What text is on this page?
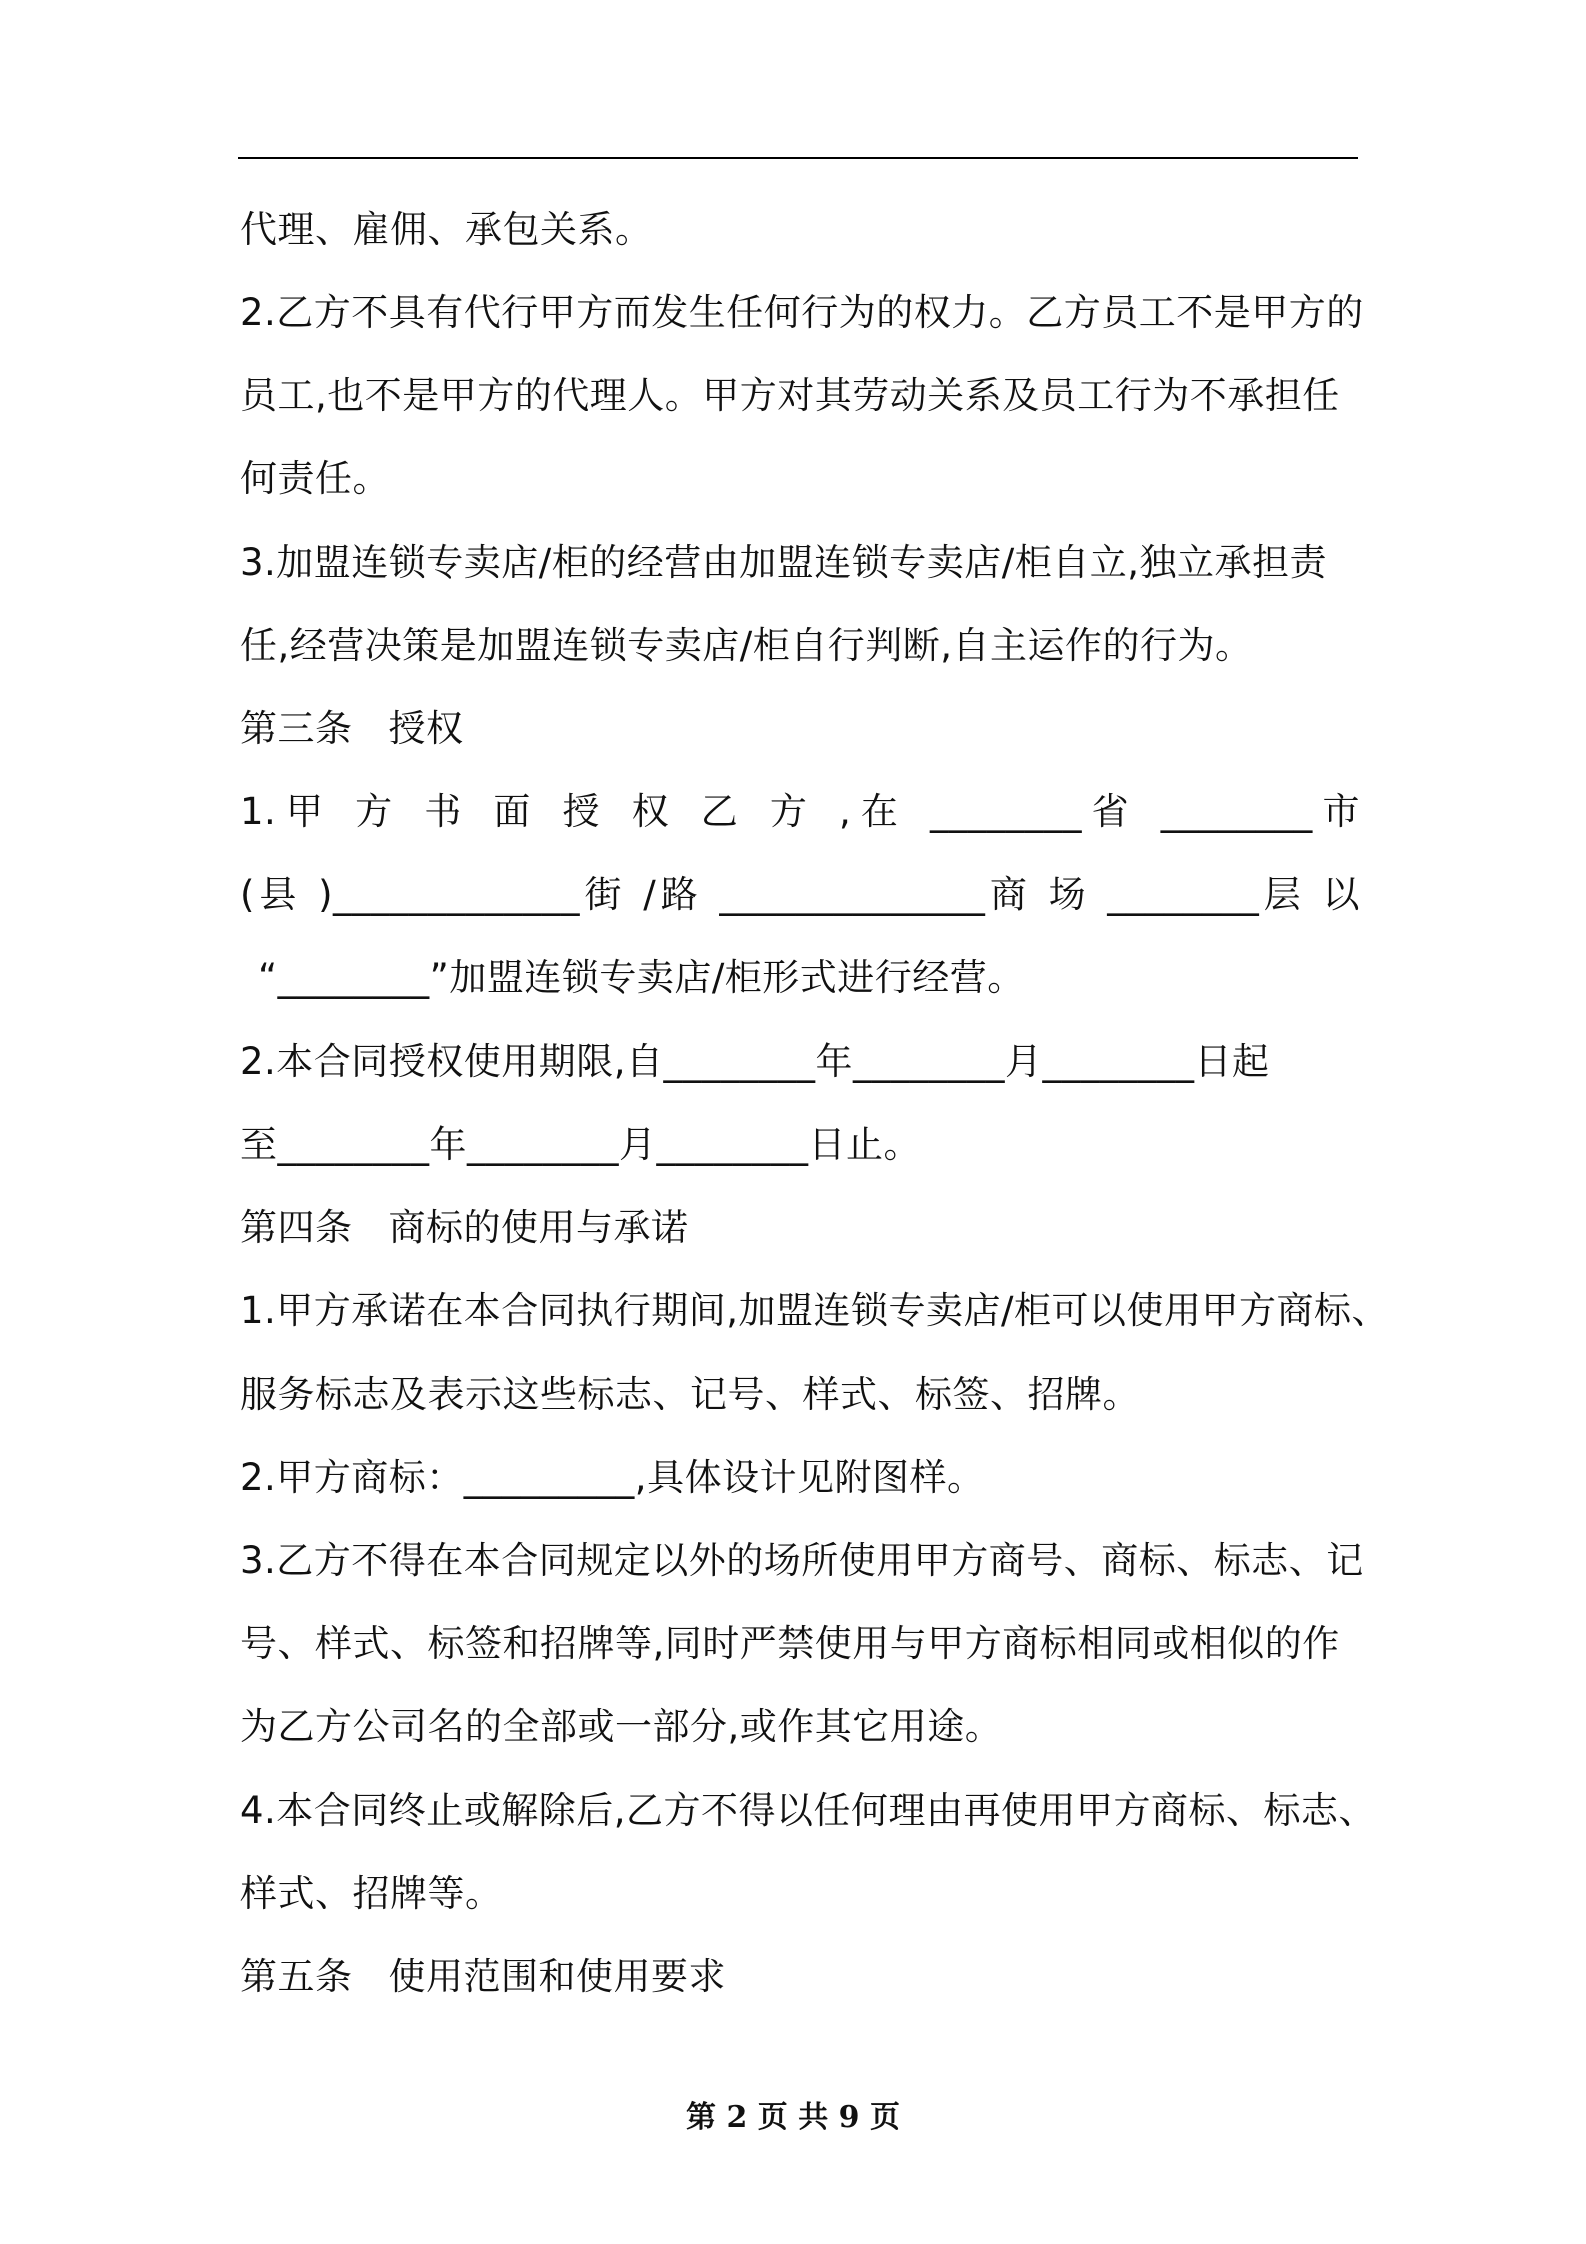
代理、雇佣、承包关系。
2.乙方不具有代行甲方而发生任何行为的权力。乙方员工不是甲方的
员工,也不是甲方的代理人。甲方对其劳动关系及员工行为不承担任
何责任。
3.加盟连锁专卖店/柜的经营由加盟连锁专卖店/柜自立,独立承担责
任,经营决策是加盟连锁专卖店/柜自行判断,自主运作的行为。
第三条 授权
1.甲 方 书 面 授 权 乙 方 ,在 ________省 ________市
(县 )_____________街 /路 ______________商 场 ________层 以
“________”加盟连锁专卖店/柜形式进行经营。
2.本合同授权使用期限,自________年________月________日起
至________年________月________日止。
第四条 商标的使用与承诺
1.甲方承诺在本合同执行期间,加盟连锁专卖店/柜可以使用甲方商标、
服务标志及表示这些标志、记号、样式、标签、招牌。
2.甲方商标：_________,具体设计见附图样。
3.乙方不得在本合同规定以外的场所使用甲方商号、商标、标志、记
号、样式、标签和招牌等,同时严禁使用与甲方商标相同或相似的作
为乙方公司名的全部或一部分,或作其它用途。
4.本合同终止或解除后,乙方不得以任何理由再使用甲方商标、标志、
样式、招牌等。
第五条 使用范围和使用要求
第 2 页 共 9 页
